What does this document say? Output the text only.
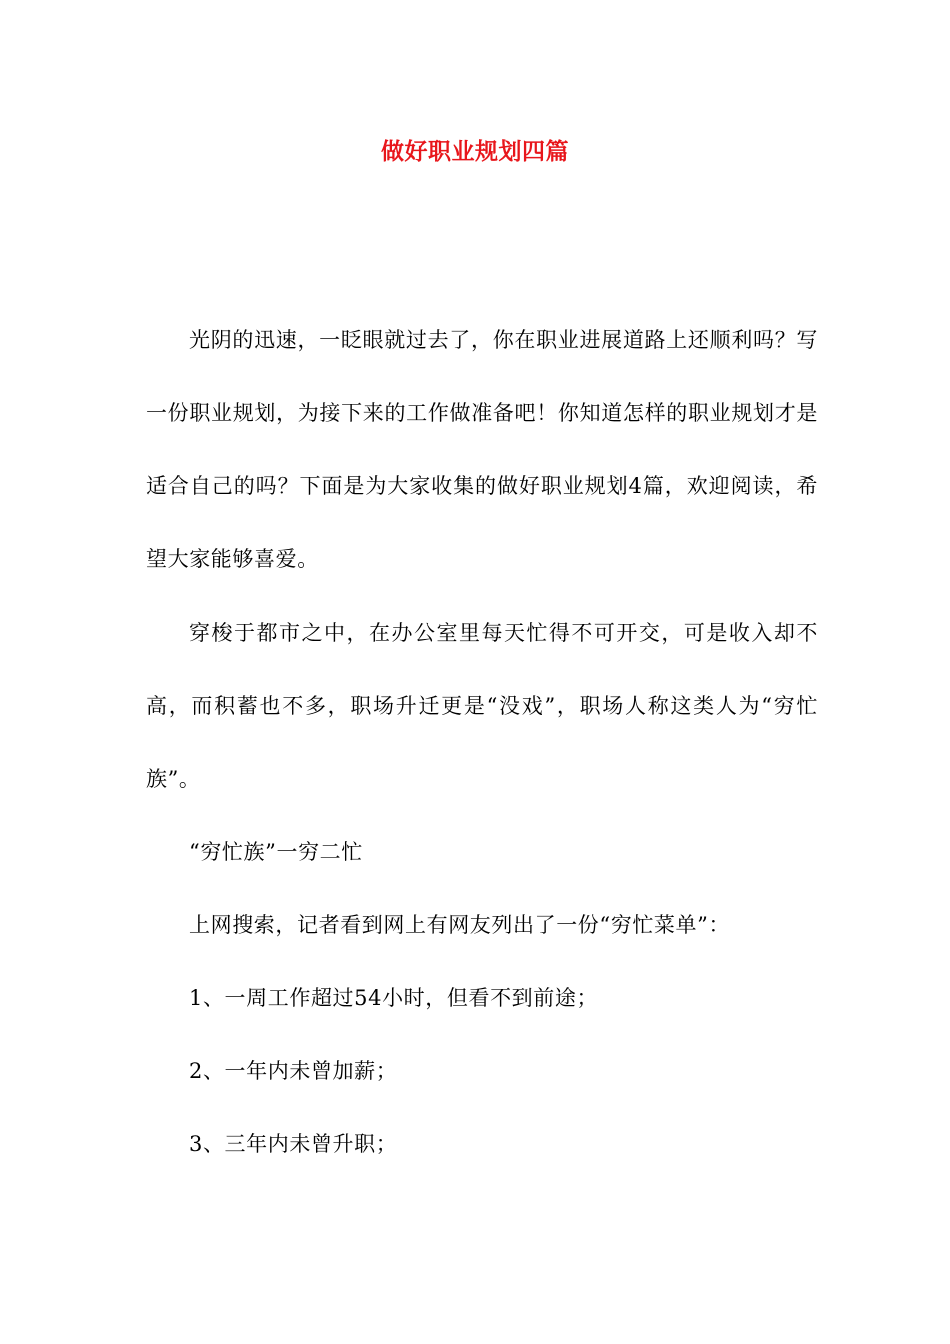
做好职业规划四篇

光阴的迅速，一眨眼就过去了，你在职业进展道路上还顺利吗？写一份职业规划，为接下来的工作做准备吧！你知道怎样的职业规划才是适合自己的吗？下面是为大家收集的做好职业规划4篇，欢迎阅读，希望大家能够喜爱。

穿梭于都市之中，在办公室里每天忙得不可开交，可是收入却不高，而积蓄也不多，职场升迁更是“没戏”，职场人称这类人为“穷忙族”。

“穷忙族”一穷二忙

上网搜索，记者看到网上有网友列出了一份“穷忙菜单”：

1、一周工作超过54小时，但看不到前途；

2、一年内未曾加薪；

3、三年内未曾升职；
